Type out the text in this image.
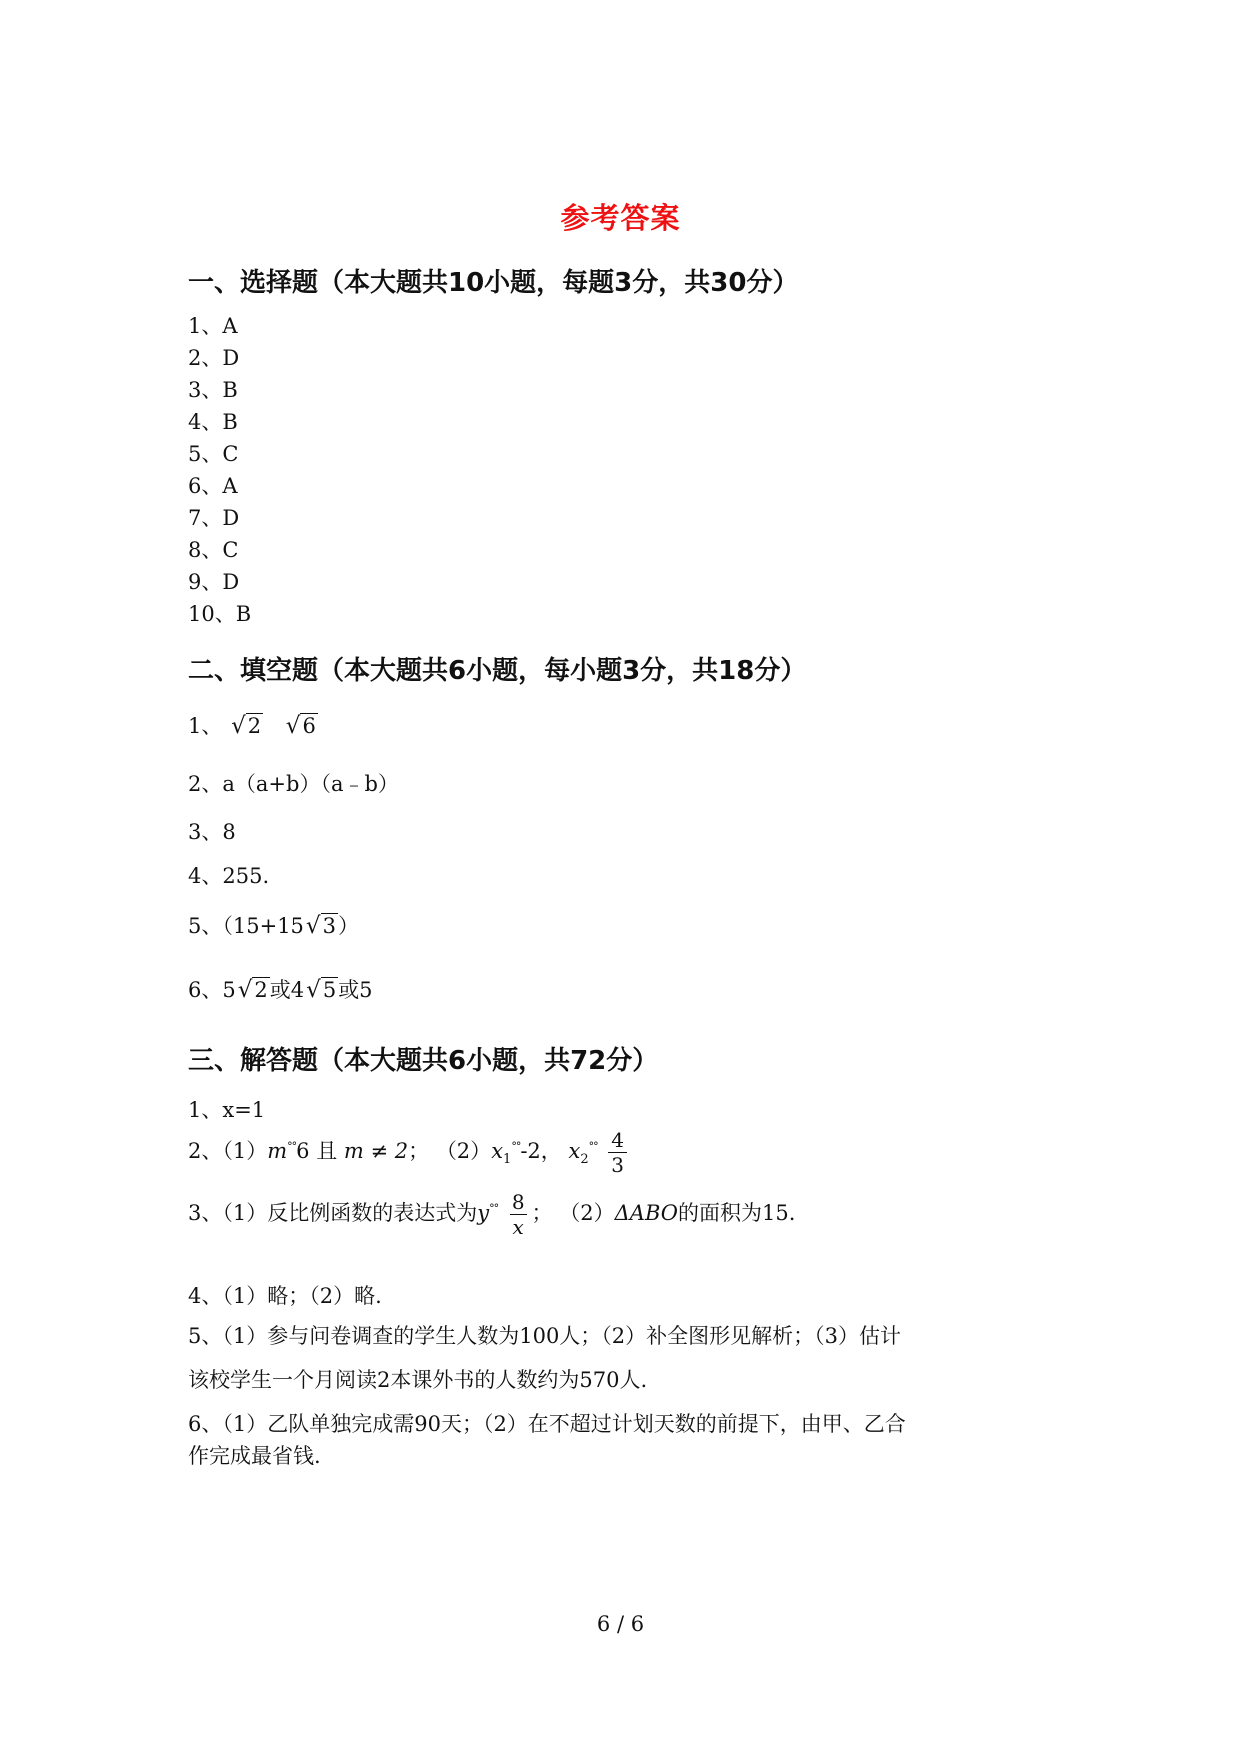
参考答案
一、选择题（本大题共10小题，每题3分，共30分）
1、A
2、D
3、B
4、B
5、C
6、A
7、D
8、C
9、D
10、B
二、填空题（本大题共6小题，每小题3分，共18分）
1、 √2 √6
2、a（a+b）（a﹣b）
3、8
4、255.
5、（15+15√3）
6、5√2或4√5或5
三、解答题（本大题共6小题，共72分）
1、x=1
2、（1）m°°6 且 m ≠ 2； $(2)x_1^{^\circ^\circ}-2$， $x_2^{^\circ^\circ} \frac{4}{3}$
3、（1）反比例函数的表达式为$y^{^\circ^\circ} \frac{8}{x}$ ； （2）ΔABO的面积为15.
4、（1）略；（2）略.
5、（1）参与问卷调查的学生人数为100人；（2）补全图形见解析；（3）估计
该校学生一个月阅读2本课外书的人数约为570人.
6、（1）乙队单独完成需90天；（2）在不超过计划天数的前提下，由甲、乙合
作完成最省钱.
6 / 6
